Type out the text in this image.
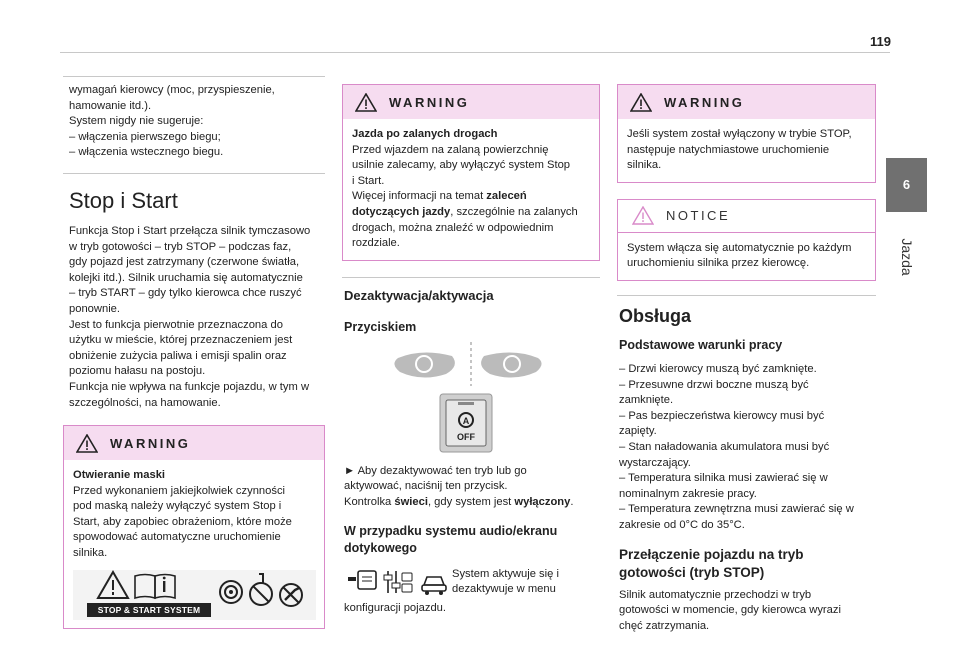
119
6
Jazda

wymagań kierowcy (moc, przyspieszenie,

hamowanie itd.).

System nigdy nie sugeruje:

– włączenia pierwszego biegu;

– włączenia wstecznego biegu.

Stop i Start

Funkcja Stop i Start przełącza silnik tymczasowo

w tryb gotowości – tryb STOP – podczas faz,

gdy pojazd jest zatrzymany (czerwone światła,

kolejki itd.). Silnik uruchamia się automatycznie

– tryb START – gdy tylko kierowca chce ruszyć

ponownie.

Jest to funkcja pierwotnie przeznaczona do

użytku w mieście, której przeznaczeniem jest

obniżenie zużycia paliwa i emisji spalin oraz

poziomu hałasu na postoju.

Funkcja nie wpływa na funkcje pojazdu, w tym w

szczególności, na hamowanie.

WARNING

Otwieranie maski

Przed wykonaniem jakiejkolwiek czynności

pod maską należy wyłączyć system Stop i

Start, aby zapobiec obrażeniom, które może

spowodować automatyczne uruchomienie

silnika.

STOP & START SYSTEM
WARNING

Jazda po zalanych drogach

Przed wjazdem na zalaną powierzchnię

usilnie zalecamy, aby wyłączyć system Stop

i Start.

Więcej informacji na temat zaleceń

dotyczących jazdy, szczególnie na zalanych

drogach, można znaleźć w odpowiednim

rozdziale.

Dezaktywacja/aktywacja
Przyciskiem
A
OFF

► Aby dezaktywować ten tryb lub go

aktywować, naciśnij ten przycisk.

Kontrolka świeci, gdy system jest wyłączony.

W przypadku systemu audio/ekranu
dotykowego

System aktywuje się i

dezaktywuje w menu

konfiguracji pojazdu.

WARNING

Jeśli system został wyłączony w trybie STOP,

następuje natychmiastowe uruchomienie

silnika.

NOTICE

System włącza się automatycznie po każdym

uruchomieniu silnika przez kierowcę.

Obsługa
Podstawowe warunki pracy

– Drzwi kierowcy muszą być zamknięte.

– Przesuwne drzwi boczne muszą być

zamknięte.

– Pas bezpieczeństwa kierowcy musi być

zapięty.

– Stan naładowania akumulatora musi być

wystarczający.

– Temperatura silnika musi zawierać się w

nominalnym zakresie pracy.

– Temperatura zewnętrzna musi zawierać się w

zakresie od 0°C do 35°C.

Przełączenie pojazdu na tryb
gotowości (tryb STOP)

Silnik automatycznie przechodzi w tryb

gotowości w momencie, gdy kierowca wyrazi

chęć zatrzymania.
